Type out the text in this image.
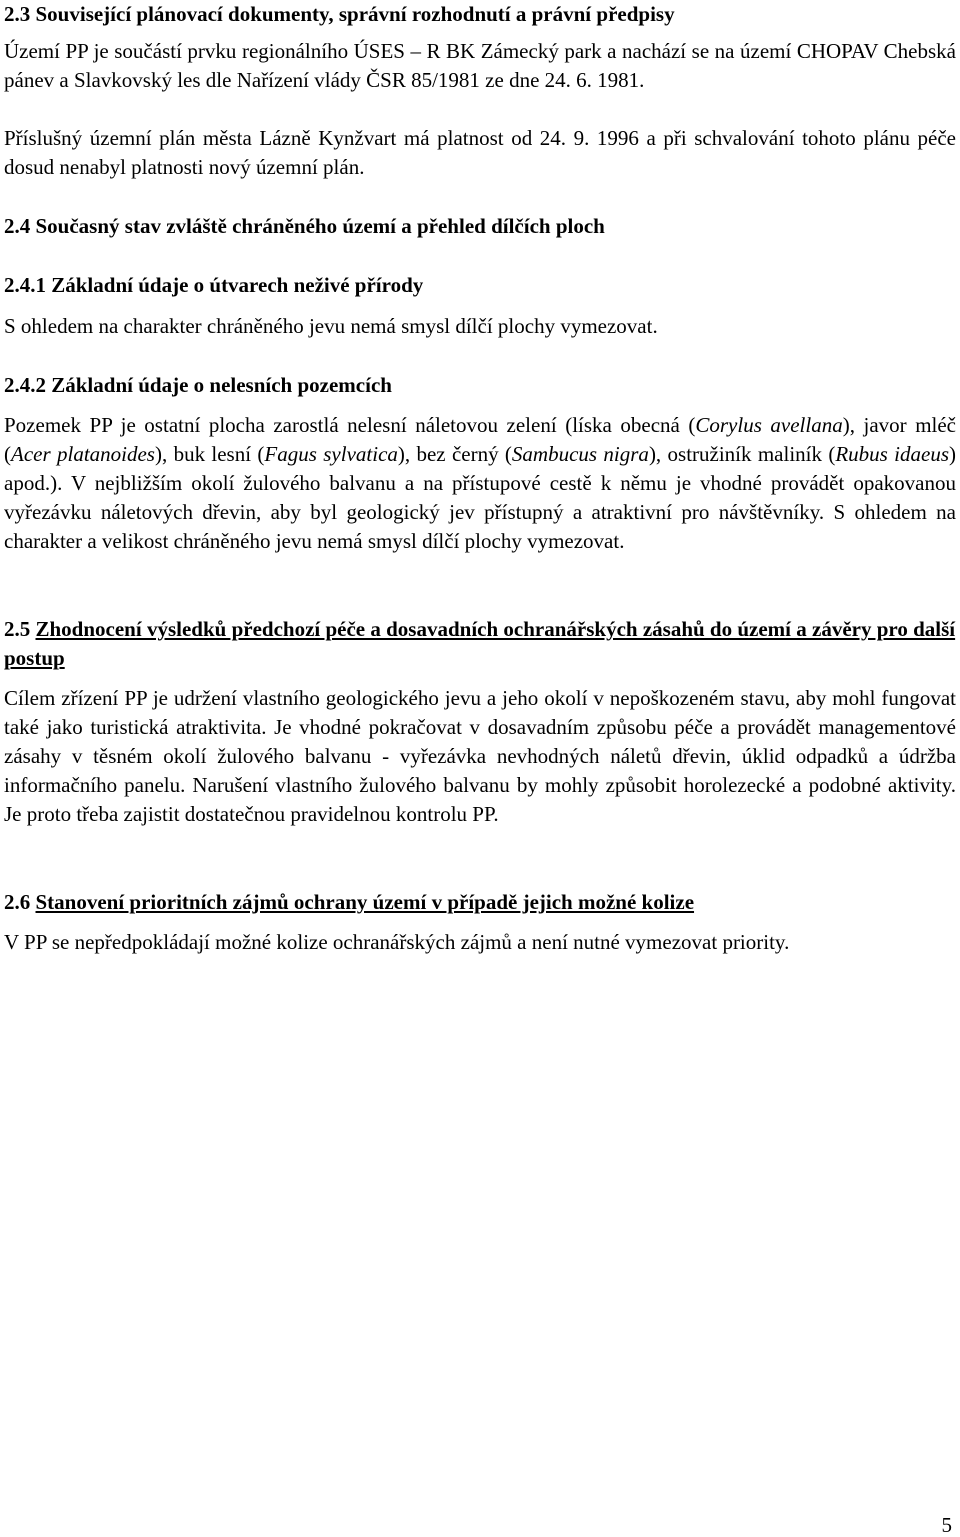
2.3 Související plánovací dokumenty, správní rozhodnutí a právní předpisy

Území PP je součástí prvku regionálního ÚSES – R BK Zámecký park a nachází se na území CHOPAV Chebská pánev a Slavkovský les dle Nařízení vlády ČSR 85/1981 ze dne 24. 6. 1981.

Příslušný územní plán města Lázně Kynžvart má platnost od 24. 9. 1996 a při schvalování tohoto plánu péče dosud nenabyl platnosti nový územní plán.

2.4 Současný stav zvláště chráněného území a přehled dílčích ploch
2.4.1 Základní údaje o útvarech neživé přírody

S ohledem na charakter chráněného jevu nemá smysl dílčí plochy vymezovat.

2.4.2 Základní údaje o nelesních pozemcích

Pozemek PP je ostatní plocha zarostlá nelesní náletovou zelení (líska obecná (Corylus avellana), javor mléč (Acer platanoides), buk lesní (Fagus sylvatica), bez černý (Sambucus nigra), ostružiník maliník (Rubus idaeus) apod.). V nejbližším okolí žulového balvanu a na přístupové cestě k němu je vhodné provádět opakovanou vyřezávku náletových dřevin, aby byl geologický jev přístupný a atraktivní pro návštěvníky. S ohledem na charakter a velikost chráněného jevu nemá smysl dílčí plochy vymezovat.

2.5 Zhodnocení výsledků předchozí péče a dosavadních ochranářských zásahů do území a závěry pro další postup

Cílem zřízení PP je udržení vlastního geologického jevu a jeho okolí v nepoškozeném stavu, aby mohl fungovat také jako turistická atraktivita. Je vhodné pokračovat v dosavadním způsobu péče a provádět managementové zásahy v těsném okolí žulového balvanu - vyřezávka nevhodných náletů dřevin, úklid odpadků a údržba informačního panelu. Narušení vlastního žulového balvanu by mohly způsobit horolezecké a podobné aktivity. Je proto třeba zajistit dostatečnou pravidelnou kontrolu PP.

2.6 Stanovení prioritních zájmů ochrany území v případě jejich možné kolize

V PP se nepředpokládají možné kolize ochranářských zájmů a není nutné vymezovat priority.

5
